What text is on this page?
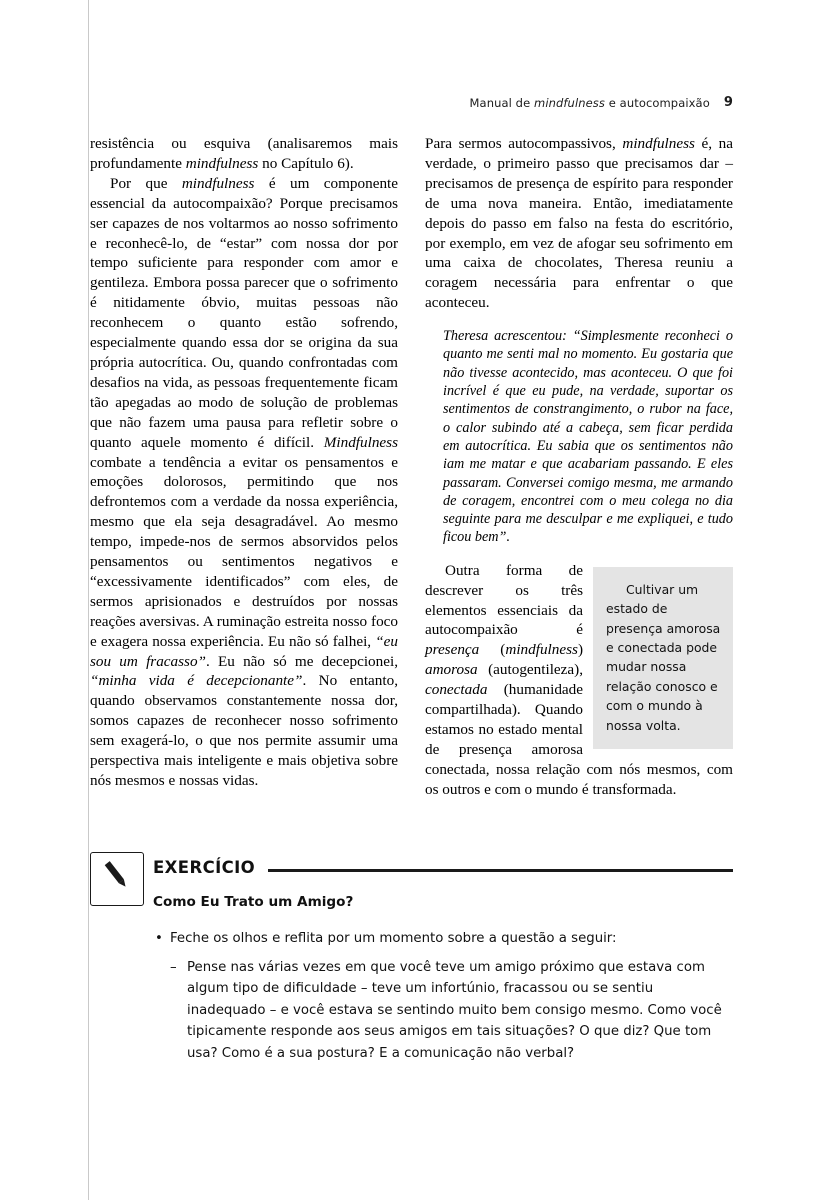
Manual de mindfulness e autocompaixão 9

resistência ou esquiva (analisaremos mais profundamente mindfulness no Capítulo 6).

Por que mindfulness é um componente essencial da autocompaixão? Porque precisamos ser capazes de nos voltarmos ao nosso sofrimento e reconhecê-lo, de “estar” com nossa dor por tempo suficiente para responder com amor e gentileza. Embora possa parecer que o sofrimento é nitidamente óbvio, muitas pessoas não reconhecem o quanto estão sofrendo, especialmente quando essa dor se origina da sua própria autocrítica. Ou, quando confrontadas com desafios na vida, as pessoas frequentemente ficam tão apegadas ao modo de solução de problemas que não fazem uma pausa para refletir sobre o quanto aquele momento é difícil. Mindfulness combate a tendência a evitar os pensamentos e emoções dolorosos, permitindo que nos defrontemos com a verdade da nossa experiência, mesmo que ela seja desagradável. Ao mesmo tempo, impede-nos de sermos absorvidos pelos pensamentos ou sentimentos negativos e “excessivamente identificados” com eles, de sermos aprisionados e destruídos por nossas reações aversivas. A ruminação estreita nosso foco e exagera nossa experiência. Eu não só falhei, “eu sou um fracasso”. Eu não só me decepcionei, “minha vida é decepcionante”. No entanto, quando observamos constantemente nossa dor, somos capazes de reconhecer nosso sofrimento sem exagerá-lo, o que nos permite assumir uma perspectiva mais inteligente e mais objetiva sobre nós mesmos e nossas vidas.

Para sermos autocompassivos, mindfulness é, na verdade, o primeiro passo que precisamos dar – precisamos de presença de espírito para responder de uma nova maneira. Então, imediatamente depois do passo em falso na festa do escritório, por exemplo, em vez de afogar seu sofrimento em uma caixa de chocolates, Theresa reuniu a coragem necessária para enfrentar o que aconteceu.

Theresa acrescentou: “Simplesmente reconheci o quanto me senti mal no momento. Eu gostaria que não tivesse acontecido, mas aconteceu. O que foi incrível é que eu pude, na verdade, suportar os sentimentos de constrangimento, o rubor na face, o calor subindo até a cabeça, sem ficar perdida em autocrítica. Eu sabia que os sentimentos não iam me matar e que acabariam passando. E eles passaram. Conversei comigo mesma, me armando de coragem, encontrei com o meu colega no dia seguinte para me desculpar e me expliquei, e tudo ficou bem”.

Cultivar um estado de presença amorosa e conectada pode mudar nossa relação conosco e com o mundo à nossa volta.
Outra forma de descrever os três elementos essenciais da autocompaixão é presença (mindfulness) amorosa (autogentileza), conectada (humanidade compartilhada). Quando estamos no estado mental de presença amorosa conectada, nossa relação com nós mesmos, com os outros e com o mundo é transformada.

EXERCÍCIO
Como Eu Trato um Amigo?
• Feche os olhos e reflita por um momento sobre a questão a seguir:
– Pense nas várias vezes em que você teve um amigo próximo que estava com algum tipo de dificuldade – teve um infortúnio, fracassou ou se sentiu inadequado – e você estava se sentindo muito bem consigo mesmo. Como você tipicamente responde aos seus amigos em tais situações? O que diz? Que tom usa? Como é a sua postura? E a comunicação não verbal?
